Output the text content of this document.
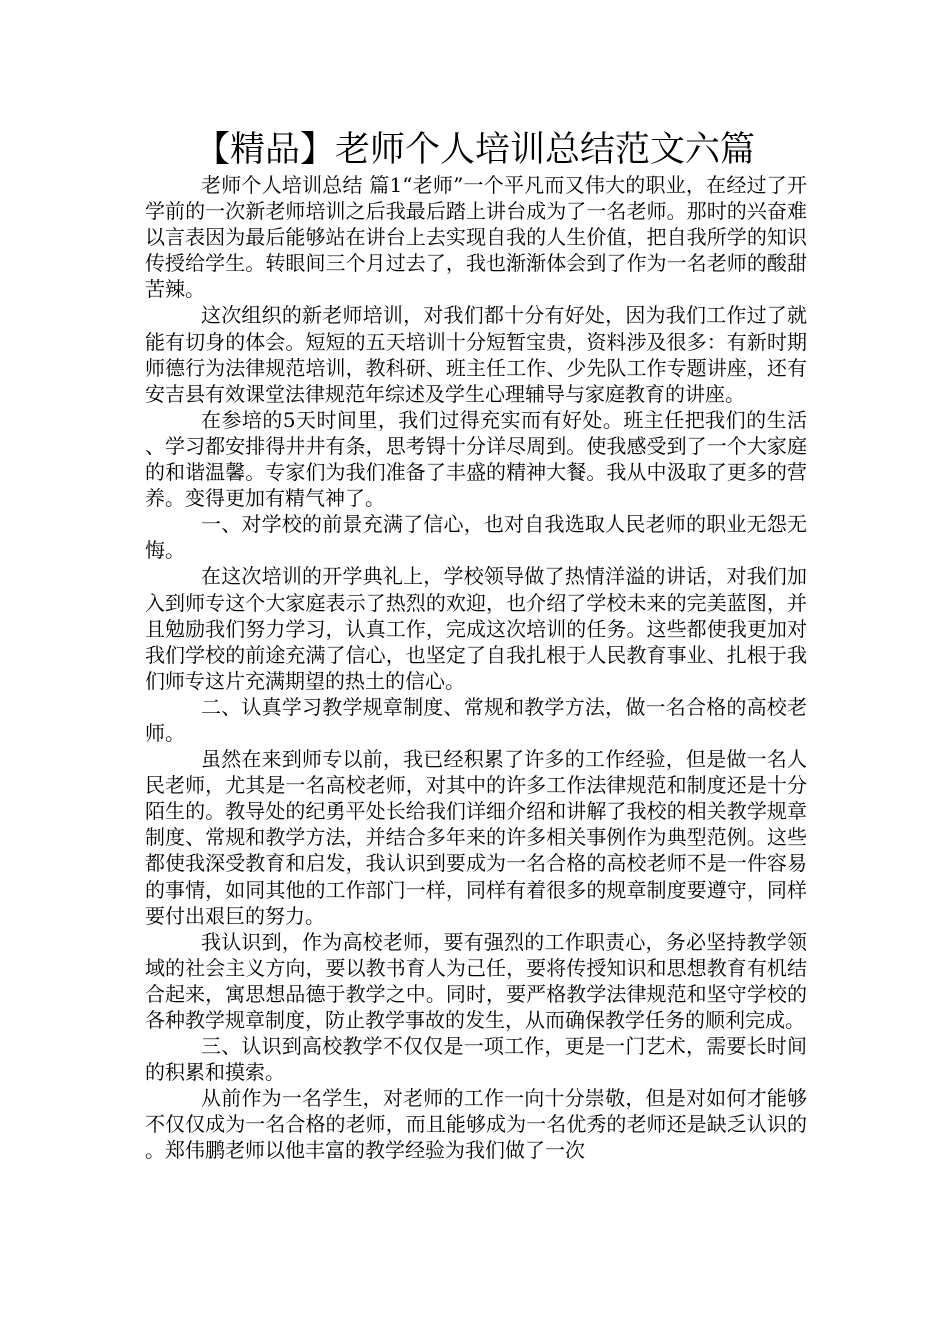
【精品】老师个人培训总结范文六篇

老师个人培训总结 篇1“老师”一个平凡而又伟大的职业，在经过了开学前的一次新老师培训之后我最后踏上讲台成为了一名老师。那时的兴奋难以言表因为最后能够站在讲台上去实现自我的人生价值，把自我所学的知识传授给学生。转眼间三个月过去了，我也渐渐体会到了作为一名老师的酸甜苦辣。

这次组织的新老师培训，对我们都十分有好处，因为我们工作过了就能有切身的体会。短短的五天培训十分短暂宝贵，资料涉及很多：有新时期师德行为法律规范培训，教科研、班主任工作、少先队工作专题讲座，还有安吉县有效课堂法律规范年综述及学生心理辅导与家庭教育的讲座。

在参培的5天时间里，我们过得充实而有好处。班主任把我们的生活、学习都安排得井井有条，思考锝十分详尽周到。使我感受到了一个大家庭的和谐温馨。专家们为我们准备了丰盛的精神大餐。我从中汲取了更多的营养。变得更加有精气神了。

一、对学校的前景充满了信心，也对自我选取人民老师的职业无怨无悔。

在这次培训的开学典礼上，学校领导做了热情洋溢的讲话，对我们加入到师专这个大家庭表示了热烈的欢迎，也介绍了学校未来的完美蓝图，并且勉励我们努力学习，认真工作，完成这次培训的任务。这些都使我更加对我们学校的前途充满了信心，也坚定了自我扎根于人民教育事业、扎根于我们师专这片充满期望的热土的信心。

二、认真学习教学规章制度、常规和教学方法，做一名合格的高校老师。

虽然在来到师专以前，我已经积累了许多的工作经验，但是做一名人民老师，尤其是一名高校老师，对其中的许多工作法律规范和制度还是十分陌生的。教导处的纪勇平处长给我们详细介绍和讲解了我校的相关教学规章制度、常规和教学方法，并结合多年来的许多相关事例作为典型范例。这些都使我深受教育和启发，我认识到要成为一名合格的高校老师不是一件容易的事情，如同其他的工作部门一样，同样有着很多的规章制度要遵守，同样要付出艰巨的努力。

我认识到，作为高校老师，要有强烈的工作职责心，务必坚持教学领域的社会主义方向，要以教书育人为己任，要将传授知识和思想教育有机结合起来，寓思想品德于教学之中。同时，要严格教学法律规范和坚守学校的各种教学规章制度，防止教学事故的发生，从而确保教学任务的顺利完成。

三、认识到高校教学不仅仅是一项工作，更是一门艺术，需要长时间的积累和摸索。

从前作为一名学生，对老师的工作一向十分崇敬，但是对如何才能够不仅仅成为一名合格的老师，而且能够成为一名优秀的老师还是缺乏认识的。郑伟鹏老师以他丰富的教学经验为我们做了一次
